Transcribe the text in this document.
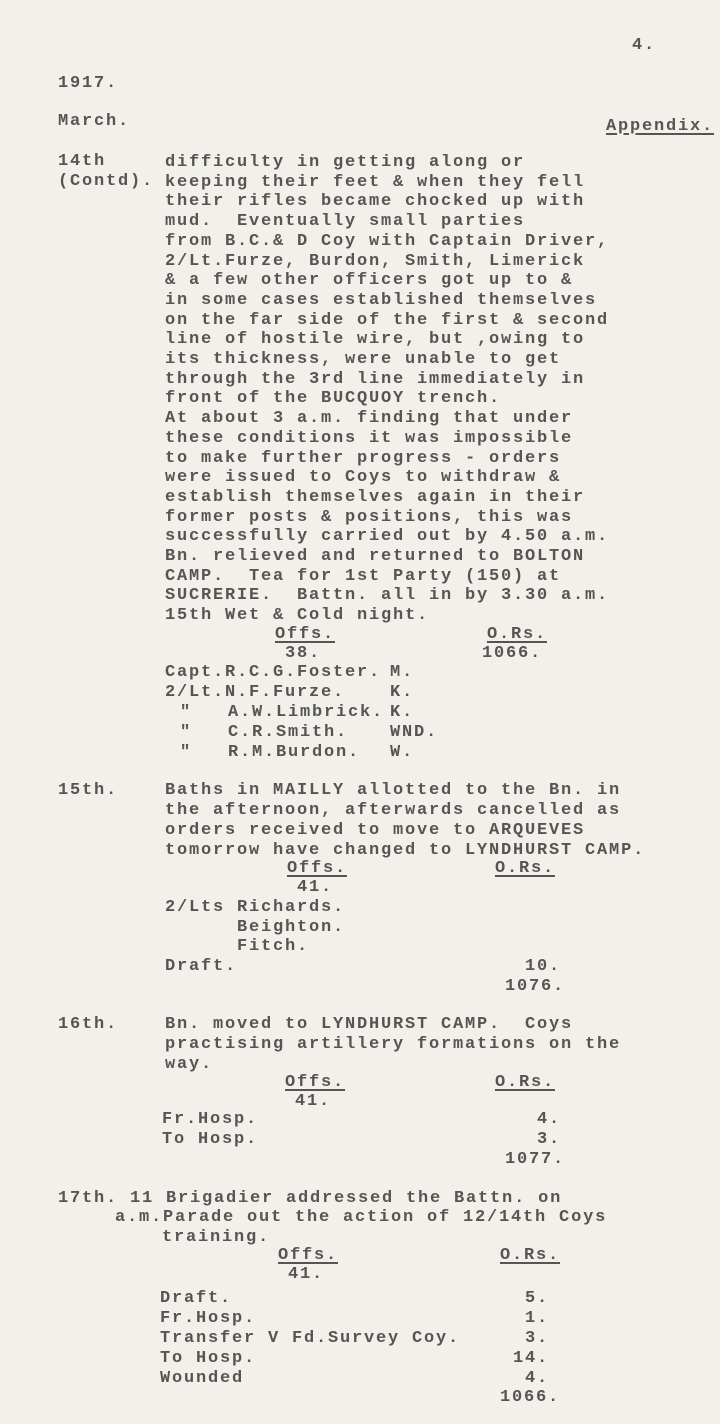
4.
1917.
March.	Appendix.
14th
(Contd).
difficulty in getting along or
keeping their feet & when they fell
their rifles became chocked up with
mud.  Eventually small parties
from B.C.& D Coy with Captain Driver,
2/Lt.Furze, Burdon, Smith, Limerick
& a few other officers got up to &
in some cases established themselves
on the far side of the first & second
line of hostile wire, but ,owing to
its thickness, were unable to get
through the 3rd line immediately in
front of the BUCQUOY trench.
At about 3 a.m. finding that under
these conditions it was impossible
to make further progress - orders
were issued to Coys to withdraw &
establish themselves again in their
former posts & positions, this was
successfully carried out by 4.50 a.m.
Bn. relieved and returned to BOLTON
CAMP.  Tea for 1st Party (150) at
SUCRERIE.  Battn. all in by 3.30 a.m.
15th Wet & Cold night.
Offs.
38.
O.Rs.
1066.
Capt. R.C.G.Foster. M.
2/Lt. N.F.Furze.	K.
" A.W.Limbrick. K.
" C.R.Smith. WND.
" R.M.Burdon. W.
15th.	Baths in MAILLY allotted to the Bn. in
the afternoon, afterwards cancelled as
orders received to move to ARQUEVES
tomorrow have changed to LYNDHURST CAMP.
Offs.
41.
O.Rs.
2/Lts Richards.
Beighton.
Fitch.
Draft.	10.
1076.
16th.	Bn. moved to LYNDHURST CAMP.  Coys
practising artillery formations on the
way.
Offs.
41.
O.Rs.
Fr.Hosp.	4.
To Hosp.	3.
1077.
17th. 11 Brigadier addressed the Battn. on
a.m.Parade out the action of 12/14th Coys
training.
Offs.
41.
O.Rs.
Draft.	5.
Fr.Hosp.	1.
Transfer V Fd.Survey Coy.	3.
To Hosp.	14.
Wounded	4.
1066.
